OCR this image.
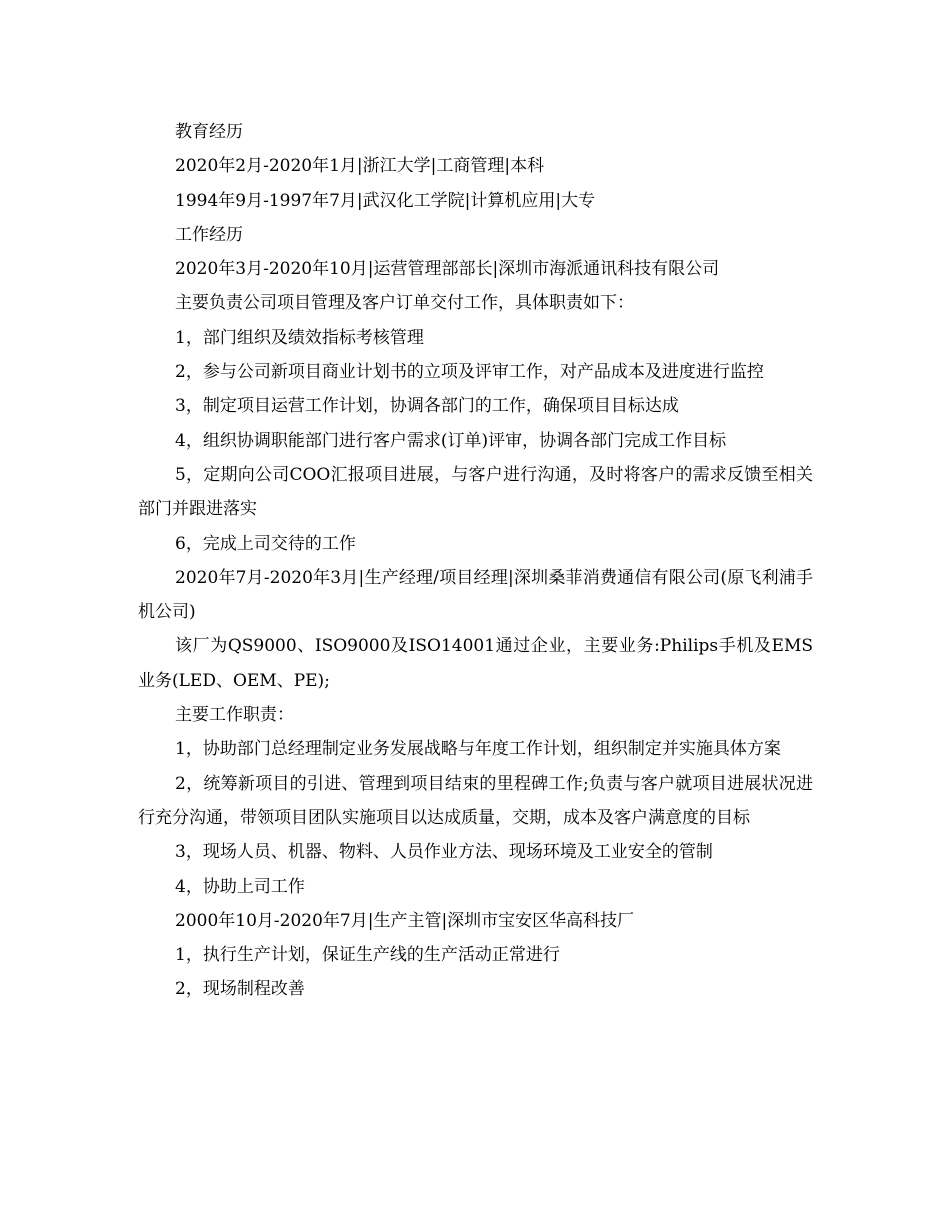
教育经历

2020年2月-2020年1月|浙江大学|工商管理|本科

1994年9月-1997年7月|武汉化工学院|计算机应用|大专

工作经历

2020年3月-2020年10月|运营管理部部长|深圳市海派通讯科技有限公司

主要负责公司项目管理及客户订单交付工作，具体职责如下：

1，部门组织及绩效指标考核管理

2，参与公司新项目商业计划书的立项及评审工作，对产品成本及进度进行监控

3，制定项目运营工作计划，协调各部门的工作，确保项目目标达成

4，组织协调职能部门进行客户需求(订单)评审，协调各部门完成工作目标

5，定期向公司COO汇报项目进展，与客户进行沟通，及时将客户的需求反馈至相关部门并跟进落实

6，完成上司交待的工作

2020年7月-2020年3月|生产经理/项目经理|深圳桑菲消费通信有限公司(原飞利浦手机公司)

该厂为QS9000、ISO9000及ISO14001通过企业，主要业务:Philips手机及EMS业务(LED、OEM、PE);

主要工作职责：

1，协助部门总经理制定业务发展战略与年度工作计划，组织制定并实施具体方案

2，统筹新项目的引进、管理到项目结束的里程碑工作;负责与客户就项目进展状况进行充分沟通，带领项目团队实施项目以达成质量，交期，成本及客户满意度的目标

3，现场人员、机器、物料、人员作业方法、现场环境及工业安全的管制

4，协助上司工作

2000年10月-2020年7月|生产主管|深圳市宝安区华高科技厂

1，执行生产计划，保证生产线的生产活动正常进行

2，现场制程改善
